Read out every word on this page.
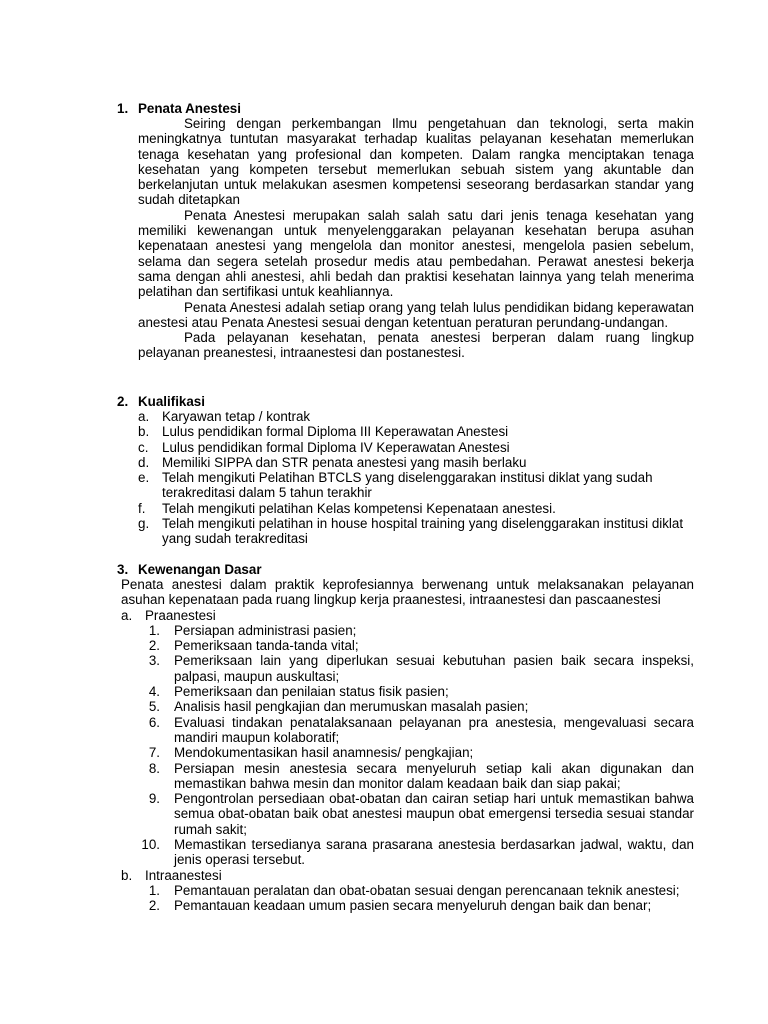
1. Penata Anestesi

Seiring dengan perkembangan Ilmu pengetahuan dan teknologi, serta makin meningkatnya tuntutan masyarakat terhadap kualitas pelayanan kesehatan memerlukan tenaga kesehatan yang profesional dan kompeten. Dalam rangka menciptakan tenaga kesehatan yang kompeten tersebut memerlukan sebuah sistem yang akuntable dan berkelanjutan untuk melakukan asesmen kompetensi seseorang berdasarkan standar yang sudah ditetapkan

Penata Anestesi merupakan salah salah satu dari jenis tenaga kesehatan yang memiliki kewenangan untuk menyelenggarakan pelayanan kesehatan berupa asuhan kepenataan anestesi yang mengelola dan monitor anestesi, mengelola pasien sebelum, selama dan segera setelah prosedur medis atau pembedahan. Perawat anestesi bekerja sama dengan ahli anestesi, ahli bedah dan praktisi kesehatan lainnya yang telah menerima pelatihan dan sertifikasi untuk keahliannya.

Penata Anestesi adalah setiap orang yang telah lulus pendidikan bidang keperawatan anestesi atau Penata Anestesi sesuai dengan ketentuan peraturan perundang-undangan.

Pada pelayanan kesehatan, penata anestesi berperan dalam ruang lingkup pelayanan preanestesi, intraanestesi dan postanestesi.

2. Kualifikasi
a. Karyawan tetap / kontrak
b. Lulus pendidikan formal Diploma III Keperawatan Anestesi
c. Lulus pendidikan formal Diploma IV Keperawatan Anestesi
d. Memiliki SIPPA dan STR penata anestesi yang masih berlaku
e. Telah mengikuti Pelatihan BTCLS yang diselenggarakan institusi diklat yang sudah terakreditasi dalam 5 tahun terakhir
f. Telah mengikuti pelatihan Kelas kompetensi Kepenataan anestesi.
g. Telah mengikuti pelatihan in house hospital training yang diselenggarakan institusi diklat yang sudah terakreditasi
3. Kewenangan Dasar

Penata anestesi dalam praktik keprofesiannya berwenang untuk melaksanakan pelayanan asuhan kepenataan pada ruang lingkup kerja praanestesi, intraanestesi dan pascaanestesi

a. Praanestesi
1. Persiapan administrasi pasien;
2. Pemeriksaan tanda-tanda vital;
3. Pemeriksaan lain yang diperlukan sesuai kebutuhan pasien baik secara inspeksi, palpasi, maupun auskultasi;
4. Pemeriksaan dan penilaian status fisik pasien;
5. Analisis hasil pengkajian dan merumuskan masalah pasien;
6. Evaluasi tindakan penatalaksanaan pelayanan pra anestesia, mengevaluasi secara mandiri maupun kolaboratif;
7. Mendokumentasikan hasil anamnesis/ pengkajian;
8. Persiapan mesin anestesia secara menyeluruh setiap kali akan digunakan dan memastikan bahwa mesin dan monitor dalam keadaan baik dan siap pakai;
9. Pengontrolan persediaan obat-obatan dan cairan setiap hari untuk memastikan bahwa semua obat-obatan baik obat anestesi maupun obat emergensi tersedia sesuai standar rumah sakit;
10. Memastikan tersedianya sarana prasarana anestesia berdasarkan jadwal, waktu, dan jenis operasi tersebut.
b. Intraanestesi
1. Pemantauan peralatan dan obat-obatan sesuai dengan perencanaan teknik anestesi;
2. Pemantauan keadaan umum pasien secara menyeluruh dengan baik dan benar;
